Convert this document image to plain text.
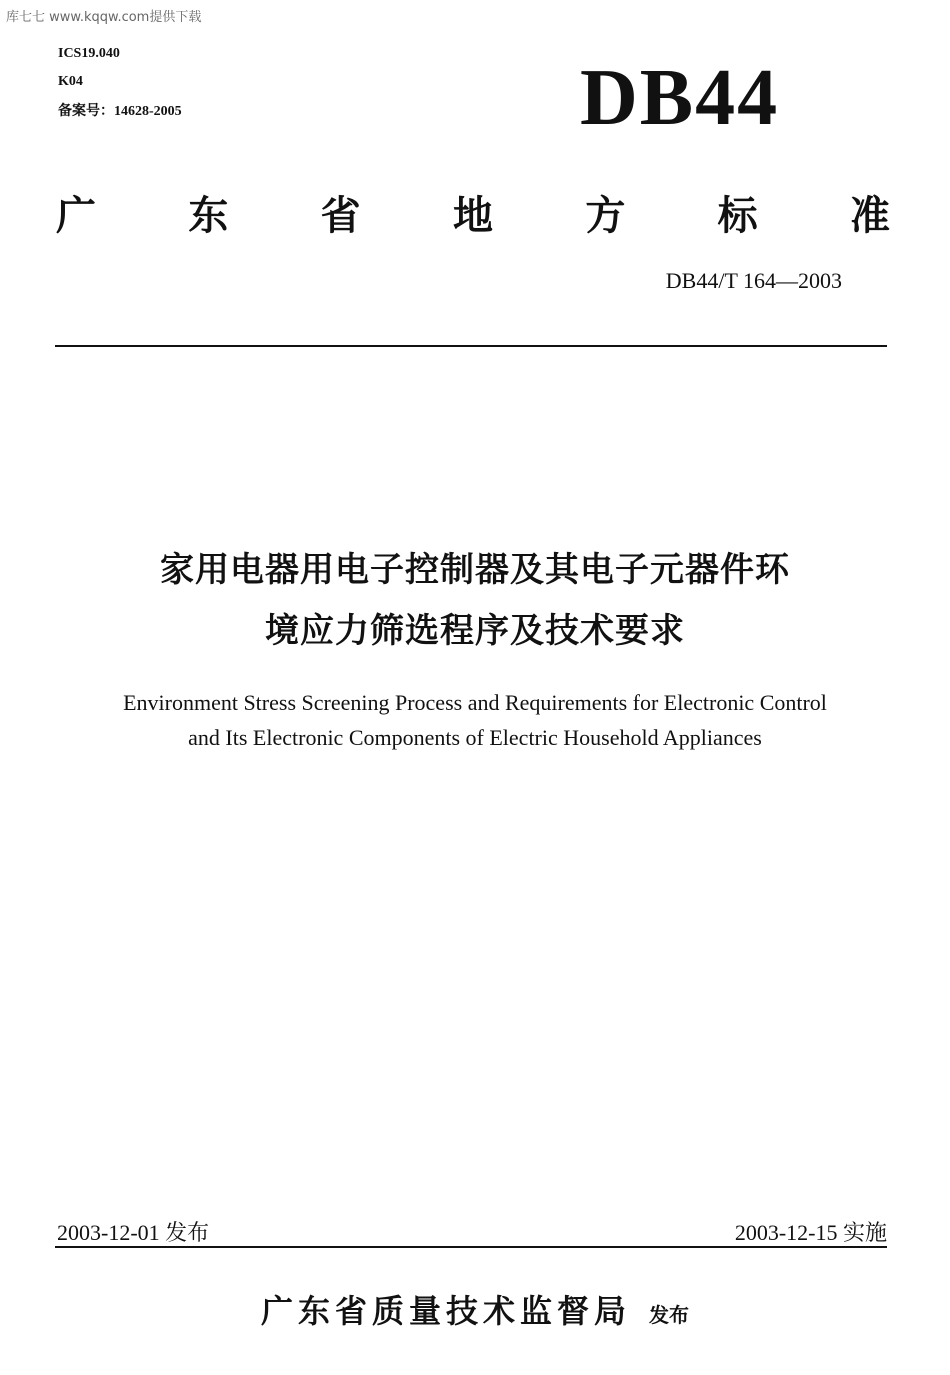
库七七 www.kqqw.com提供下载
ICS19.040
K04
备案号：14628-2005	DB44
广 东 省 地 方 标 准
DB44/T 164—2003
家用电器用电子控制器及其电子元器件环
境应力筛选程序及技术要求
Environment Stress Screening Process and Requirements for Electronic Control
and Its Electronic Components of Electric Household Appliances
2003-12-01 发布	2003-12-15 实施
广东省质量技术监督局 发布
